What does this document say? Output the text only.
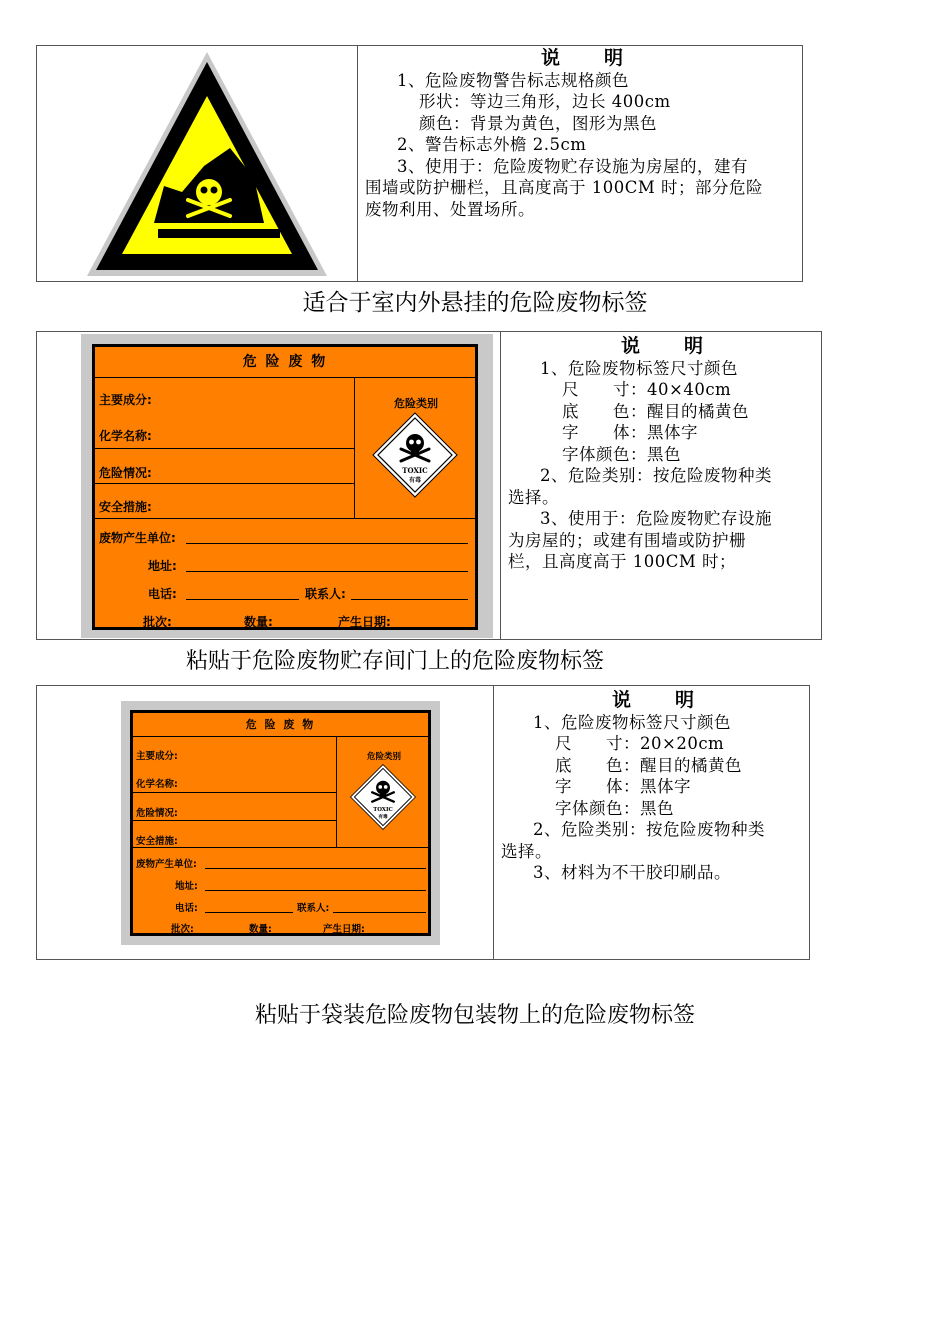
说　　明

1、危险废物警告标志规格颜色

形状：等边三角形，边长 400cm

颜色：背景为黄色，图形为黑色

2、警告标志外檐 2.5cm

3、使用于：危险废物贮存设施为房屋的，建有

围墙或防护栅栏，且高度高于 100CM 时；部分危险

废物利用、处置场所。

适合于室内外悬挂的危险废物标签
危 险 废 物
主要成分:
化学名称:
危险情况:
安全措施:
危险类别
TOXIC
有毒
废物产生单位:
地址:
电话:	联系人:
批次:	数量:	产生日期:

说　　明

1、危险废物标签尺寸颜色

尺　　寸：40×40cm

底　　色：醒目的橘黄色

字　　体：黑体字

字体颜色：黑色

2、危险类别：按危险废物种类

选择。

3、使用于：危险废物贮存设施

为房屋的；或建有围墙或防护栅

栏，且高度高于 100CM 时；

粘贴于危险废物贮存间门上的危险废物标签
危 险 废 物
主要成分:
化学名称:
危险情况:
安全措施:
危险类别
TOXIC
有毒
废物产生单位:
地址:
电话:	联系人:
批次:	数量:	产生日期:

说　　明

1、危险废物标签尺寸颜色

尺　　寸：20×20cm

底　　色：醒目的橘黄色

字　　体：黑体字

字体颜色：黑色

2、危险类别：按危险废物种类

选择。

3、材料为不干胶印刷品。

粘贴于袋装危险废物包装物上的危险废物标签
